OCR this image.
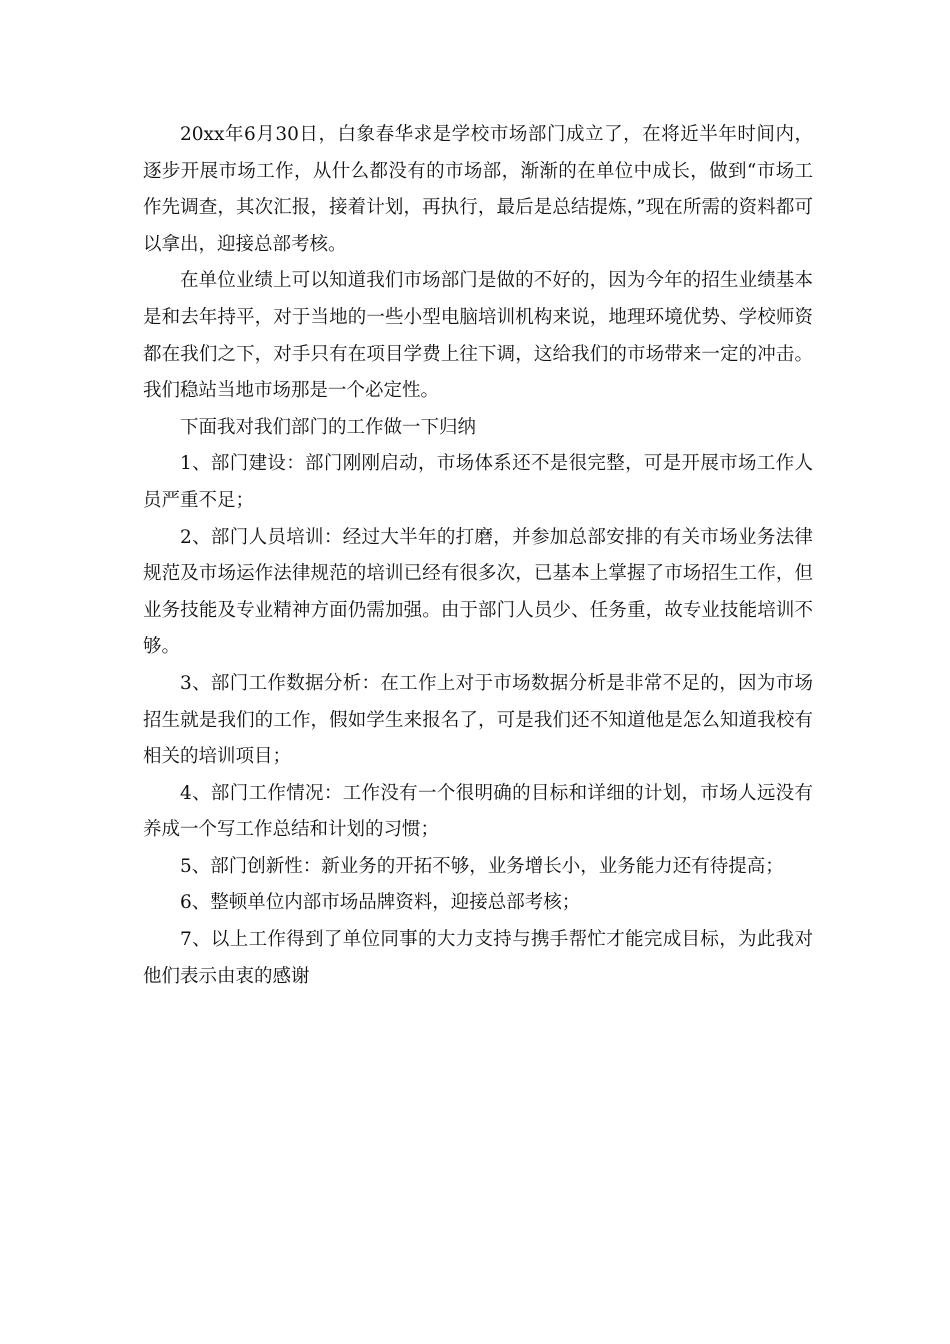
20xx年6月30日，白象春华求是学校市场部门成立了，在将近半年时间内，逐步开展市场工作，从什么都没有的市场部，渐渐的在单位中成长，做到“市场工作先调查，其次汇报，接着计划，再执行，最后是总结提炼，”现在所需的资料都可以拿出，迎接总部考核。

在单位业绩上可以知道我们市场部门是做的不好的，因为今年的招生业绩基本是和去年持平，对于当地的一些小型电脑培训机构来说，地理环境优势、学校师资都在我们之下，对手只有在项目学费上往下调，这给我们的市场带来一定的冲击。我们稳站当地市场那是一个必定性。

下面我对我们部门的工作做一下归纳

1、部门建设：部门刚刚启动，市场体系还不是很完整，可是开展市场工作人员严重不足；

2、部门人员培训：经过大半年的打磨，并参加总部安排的有关市场业务法律规范及市场运作法律规范的培训已经有很多次，已基本上掌握了市场招生工作，但业务技能及专业精神方面仍需加强。由于部门人员少、任务重，故专业技能培训不够。

3、部门工作数据分析：在工作上对于市场数据分析是非常不足的，因为市场招生就是我们的工作，假如学生来报名了，可是我们还不知道他是怎么知道我校有相关的培训项目；

4、部门工作情况：工作没有一个很明确的目标和详细的计划，市场人远没有养成一个写工作总结和计划的习惯；

5、部门创新性：新业务的开拓不够，业务增长小，业务能力还有待提高；

6、整顿单位内部市场品牌资料，迎接总部考核；

7、以上工作得到了单位同事的大力支持与携手帮忙才能完成目标，为此我对他们表示由衷的感谢
